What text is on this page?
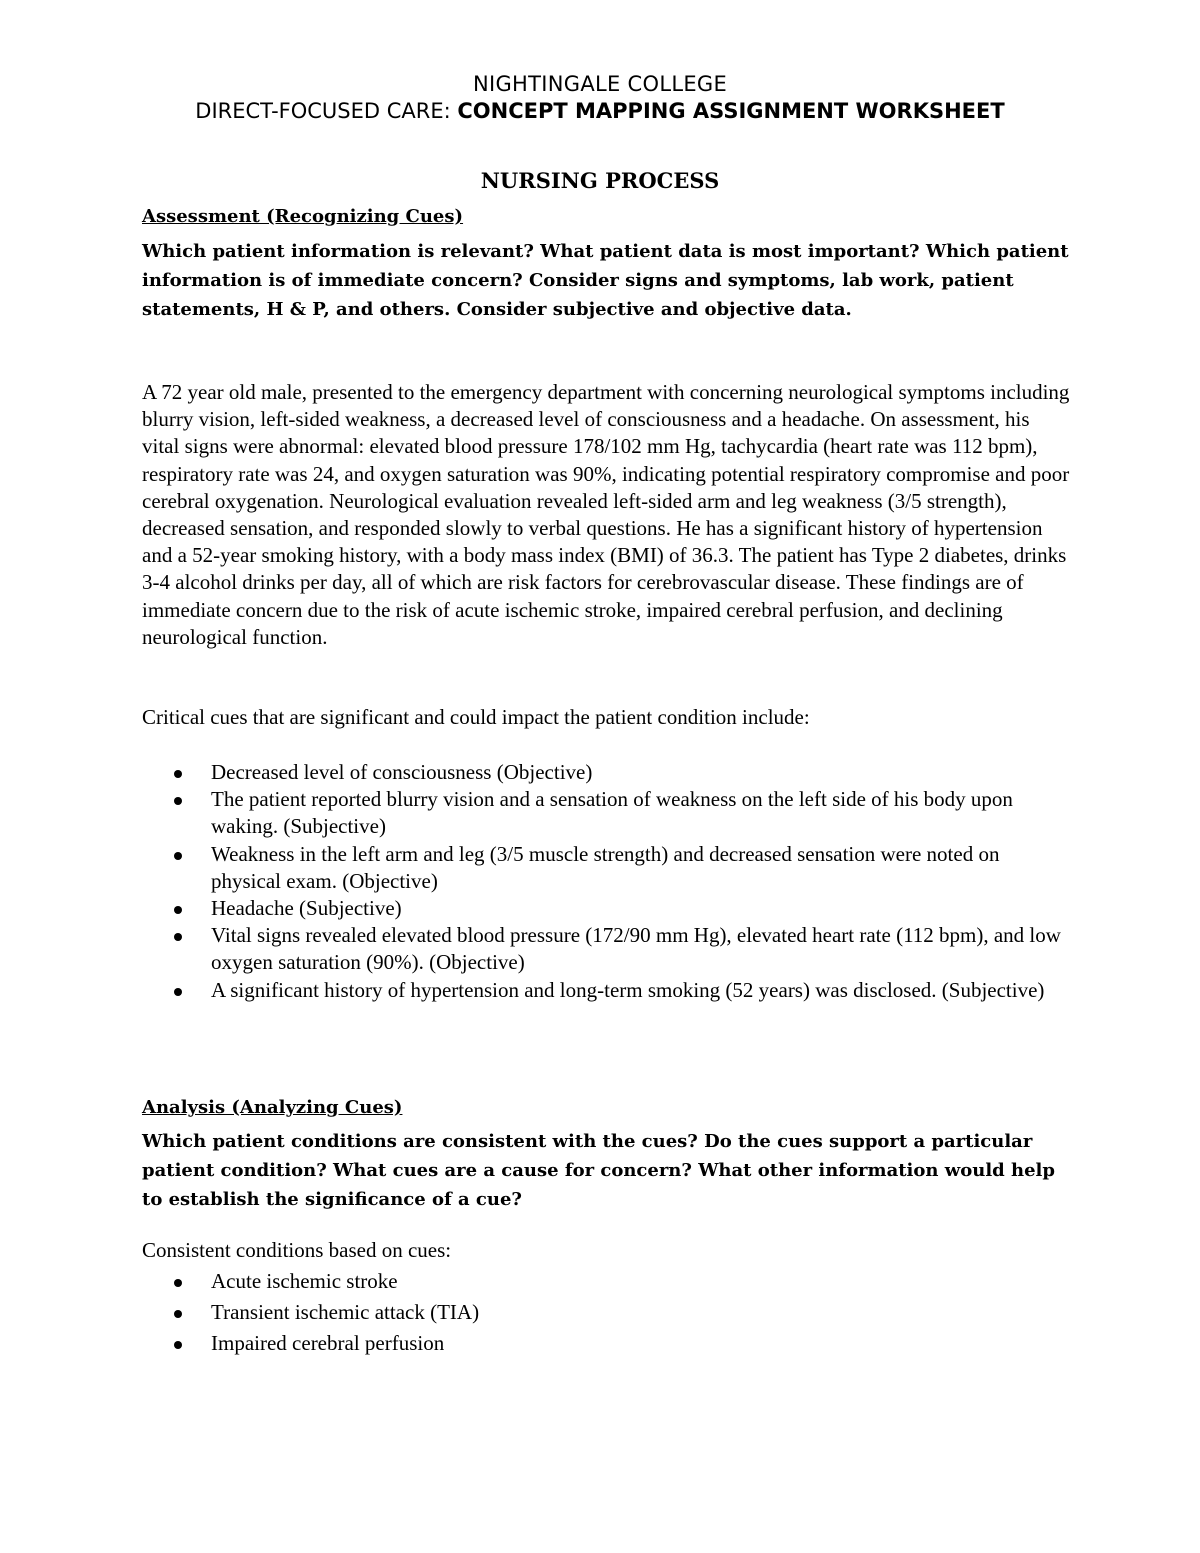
NIGHTINGALE COLLEGE
DIRECT-FOCUSED CARE: CONCEPT MAPPING ASSIGNMENT WORKSHEET
NURSING PROCESS
Assessment (Recognizing Cues)
Which patient information is relevant? What patient data is most important? Which patient information is of immediate concern? Consider signs and symptoms, lab work, patient statements, H & P, and others. Consider subjective and objective data.
A 72 year old male, presented to the emergency department with concerning neurological symptoms including blurry vision, left-sided weakness, a decreased level of consciousness and a headache. On assessment, his vital signs were abnormal: elevated blood pressure 178/102 mm Hg, tachycardia (heart rate was 112 bpm), respiratory rate was 24, and oxygen saturation was 90%, indicating potential respiratory compromise and poor cerebral oxygenation. Neurological evaluation revealed left-sided arm and leg weakness (3/5 strength), decreased sensation, and responded slowly to verbal questions. He has a significant history of hypertension and a 52-year smoking history, with a body mass index (BMI) of 36.3. The patient has Type 2 diabetes, drinks 3-4 alcohol drinks per day, all of which are risk factors for cerebrovascular disease. These findings are of immediate concern due to the risk of acute ischemic stroke, impaired cerebral perfusion, and declining neurological function.
Critical cues that are significant and could impact the patient condition include:
Decreased level of consciousness (Objective)
The patient reported blurry vision and a sensation of weakness on the left side of his body upon waking. (Subjective)
Weakness in the left arm and leg (3/5 muscle strength) and decreased sensation were noted on physical exam. (Objective)
Headache (Subjective)
Vital signs revealed elevated blood pressure (172/90 mm Hg), elevated heart rate (112 bpm), and low oxygen saturation (90%). (Objective)
A significant history of hypertension and long-term smoking (52 years) was disclosed. (Subjective)
Analysis (Analyzing Cues)
Which patient conditions are consistent with the cues? Do the cues support a particular patient condition? What cues are a cause for concern? What other information would help to establish the significance of a cue?
Consistent conditions based on cues:
Acute ischemic stroke
Transient ischemic attack (TIA)
Impaired cerebral perfusion
